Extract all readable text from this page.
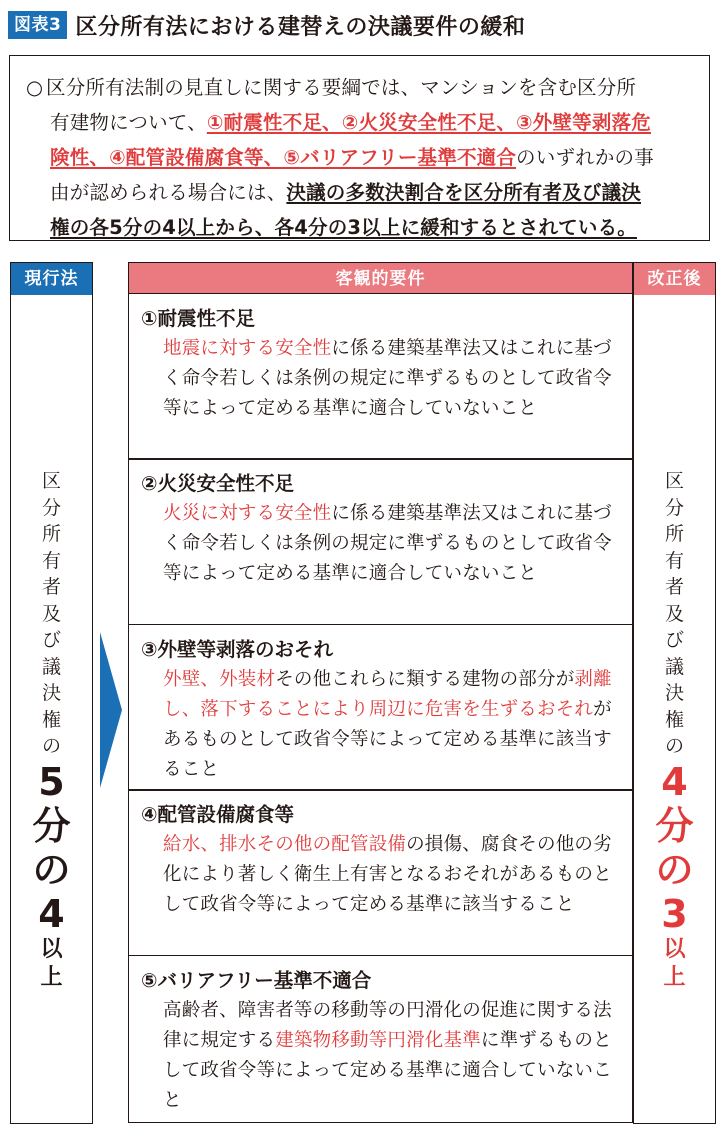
図表3 区分所有法における建替えの決議要件の緩和
○ 区分所有法制の見直しに関する要綱では、マンションを含む区分所
有建物について、①耐震性不足、②火災安全性不足、③外壁等剥落危
険性、④配管設備腐食等、⑤バリアフリー基準不適合のいずれかの事
由が認められる場合には、決議の多数決割合を区分所有者及び議決
権の各5分の4以上から、各4分の3以上に緩和するとされている。
現行法
区
分
所
有
者
及
び
議
決
権
の
5
分
の
4
以
上
客観的要件
①耐震性不足
地震に対する安全性に係る建築基準法又はこれに基づく命令若しくは条例の規定に準ずるものとして政省令等によって定める基準に適合していないこと
②火災安全性不足
火災に対する安全性に係る建築基準法又はこれに基づく命令若しくは条例の規定に準ずるものとして政省令等によって定める基準に適合していないこと
③外壁等剥落のおそれ
外壁、外装材その他これらに類する建物の部分が剥離し、落下することにより周辺に危害を生ずるおそれがあるものとして政省令等によって定める基準に該当すること
④配管設備腐食等
給水、排水その他の配管設備の損傷、腐食その他の劣化により著しく衛生上有害となるおそれがあるものとして政省令等によって定める基準に該当すること
⑤バリアフリー基準不適合
高齢者、障害者等の移動等の円滑化の促進に関する法律に規定する建築物移動等円滑化基準に準ずるものとして政省令等によって定める基準に適合していないこと
改正後
区
分
所
有
者
及
び
議
決
権
の
4
分
の
3
以
上
